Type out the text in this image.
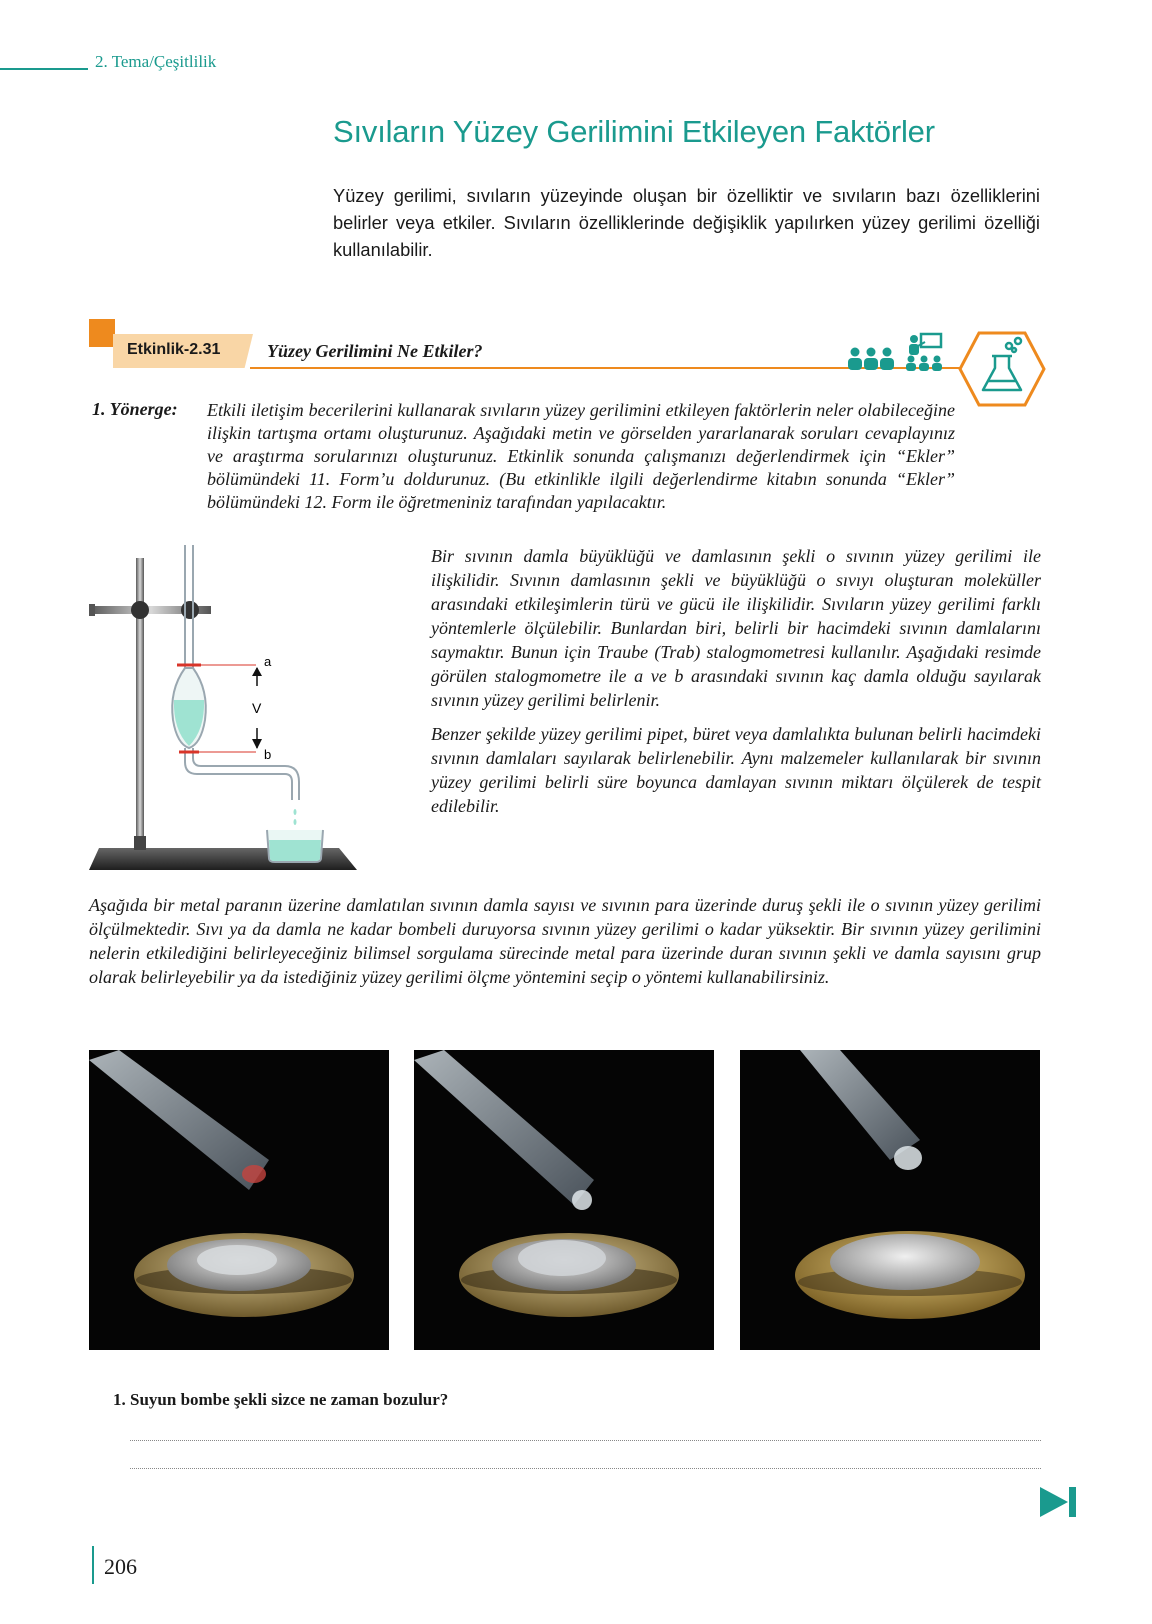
2. Tema/Çeşitlilik
Sıvıların Yüzey Gerilimini Etkileyen Faktörler
Yüzey gerilimi, sıvıların yüzeyinde oluşan bir özelliktir ve sıvıların bazı özelliklerini belirler veya etkiler. Sıvıların özelliklerinde değişiklik yapılırken yüzey gerilimi özelliği kullanılabilir.
Etkinlik-2.31	Yüzey Gerilimini Ne Etkiler?
1. Yönerge: Etkili iletişim becerilerini kullanarak sıvıların yüzey gerilimini etkileyen faktörlerin neler olabileceğine ilişkin tartışma ortamı oluşturunuz. Aşağıdaki metin ve görselden yararlanarak soruları cevaplayınız ve araştırma sorularınızı oluşturunuz. Etkinlik sonunda çalışmanızı değerlendirmek için “Ekler” bölümündeki 11. Form’u doldurunuz. (Bu etkinlikle ilgili değerlendirme kitabın sonunda “Ekler” bölümündeki 12. Form ile öğretmeniniz tarafından yapılacaktır.
a
V
b

Bir sıvının damla büyüklüğü ve damlasının şekli o sıvının yüzey gerilimi ile ilişkilidir. Sıvının damlasının şekli ve büyüklüğü o sıvıyı oluşturan moleküller arasındaki etkileşimlerin türü ve gücü ile ilişkilidir. Sıvıların yüzey gerilimi farklı yöntemlerle ölçülebilir. Bunlardan biri, belirli bir hacimdeki sıvının damlalarını saymaktır. Bunun için Traube (Trab) stalogmometresi kullanılır. Aşağıdaki resimde görülen stalogmometre ile a ve b arasındaki sıvının kaç damla olduğu sayılarak sıvının yüzey gerilimi belirlenir.

Benzer şekilde yüzey gerilimi pipet, büret veya damlalıkta bulunan belirli hacimdeki sıvının damlaları sayılarak belirlenebilir. Aynı malzemeler kullanılarak bir sıvının yüzey gerilimi belirli süre boyunca damlayan sıvının miktarı ölçülerek de tespit edilebilir.

Aşağıda bir metal paranın üzerine damlatılan sıvının damla sayısı ve sıvının para üzerinde duruş şekli ile o sıvının yüzey gerilimi ölçülmektedir. Sıvı ya da damla ne kadar bombeli duruyorsa sıvının yüzey gerilimi o kadar yüksektir. Bir sıvının yüzey gerilimini nelerin etkilediğini belirleyeceğiniz bilimsel sorgulama sürecinde metal para üzerinde duran sıvının şekli ve damla sayısını grup olarak belirleyebilir ya da istediğiniz yüzey gerilimi ölçme yöntemini seçip o yöntemi kullanabilirsiniz.
1. Suyun bombe şekli sizce ne zaman bozulur?
206
